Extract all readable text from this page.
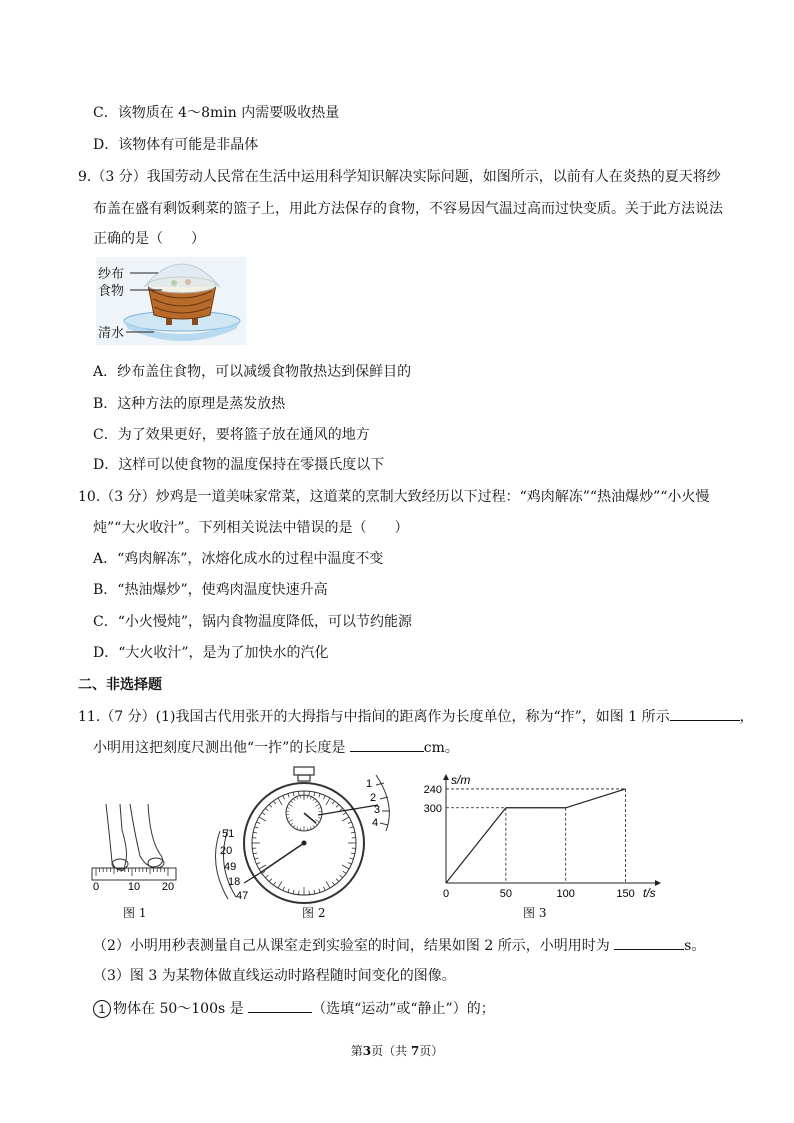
C．该物质在 4～8min 内需要吸收热量
D．该物体有可能是非晶体
9.（3 分）我国劳动人民常在生活中运用科学知识解决实际问题，如图所示，以前有人在炎热的夏天将纱
布盖在盛有剩饭剩菜的篮子上，用此方法保存的食物，不容易因气温过高而过快变质。关于此方法说法
正确的是（　　）
纱布
食物
清水
A．纱布盖住食物，可以减缓食物散热达到保鲜目的
B．这种方法的原理是蒸发放热
C．为了效果更好，要将篮子放在通风的地方
D．这样可以使食物的温度保持在零摄氏度以下
10.（3 分）炒鸡是一道美味家常菜，这道菜的烹制大致经历以下过程：“鸡肉解冻”“热油爆炒”“小火慢
炖”“大火收汁”。下列相关说法中错误的是（　　）
A．“鸡肉解冻”，冰熔化成水的过程中温度不变
B．“热油爆炒”，使鸡肉温度快速升高
C．“小火慢炖”，锅内食物温度降低，可以节约能源
D．“大火收汁”，是为了加快水的汽化
二、非选择题
11.（7 分）(1)我国古代用张开的大拇指与中指间的距离作为长度单位，称为“拃”，如图 1 所示	，
小明用这把刻度尺测出他“一拃”的长度是	cm。
0	10 20
图 1
1
2
3
4
51
20
49
18
47
图 2
s/m
t/s
300
240
0	50	100	150
图 3
（2）小明用秒表测量自己从课室走到实验室的时间，结果如图 2 所示，小明用时为	s。
（3）图 3 为某物体做直线运动时路程随时间变化的图像。
1 物体在 50～100s 是	（选填“运动”或“静止”）的；
第3页（共 7页）
